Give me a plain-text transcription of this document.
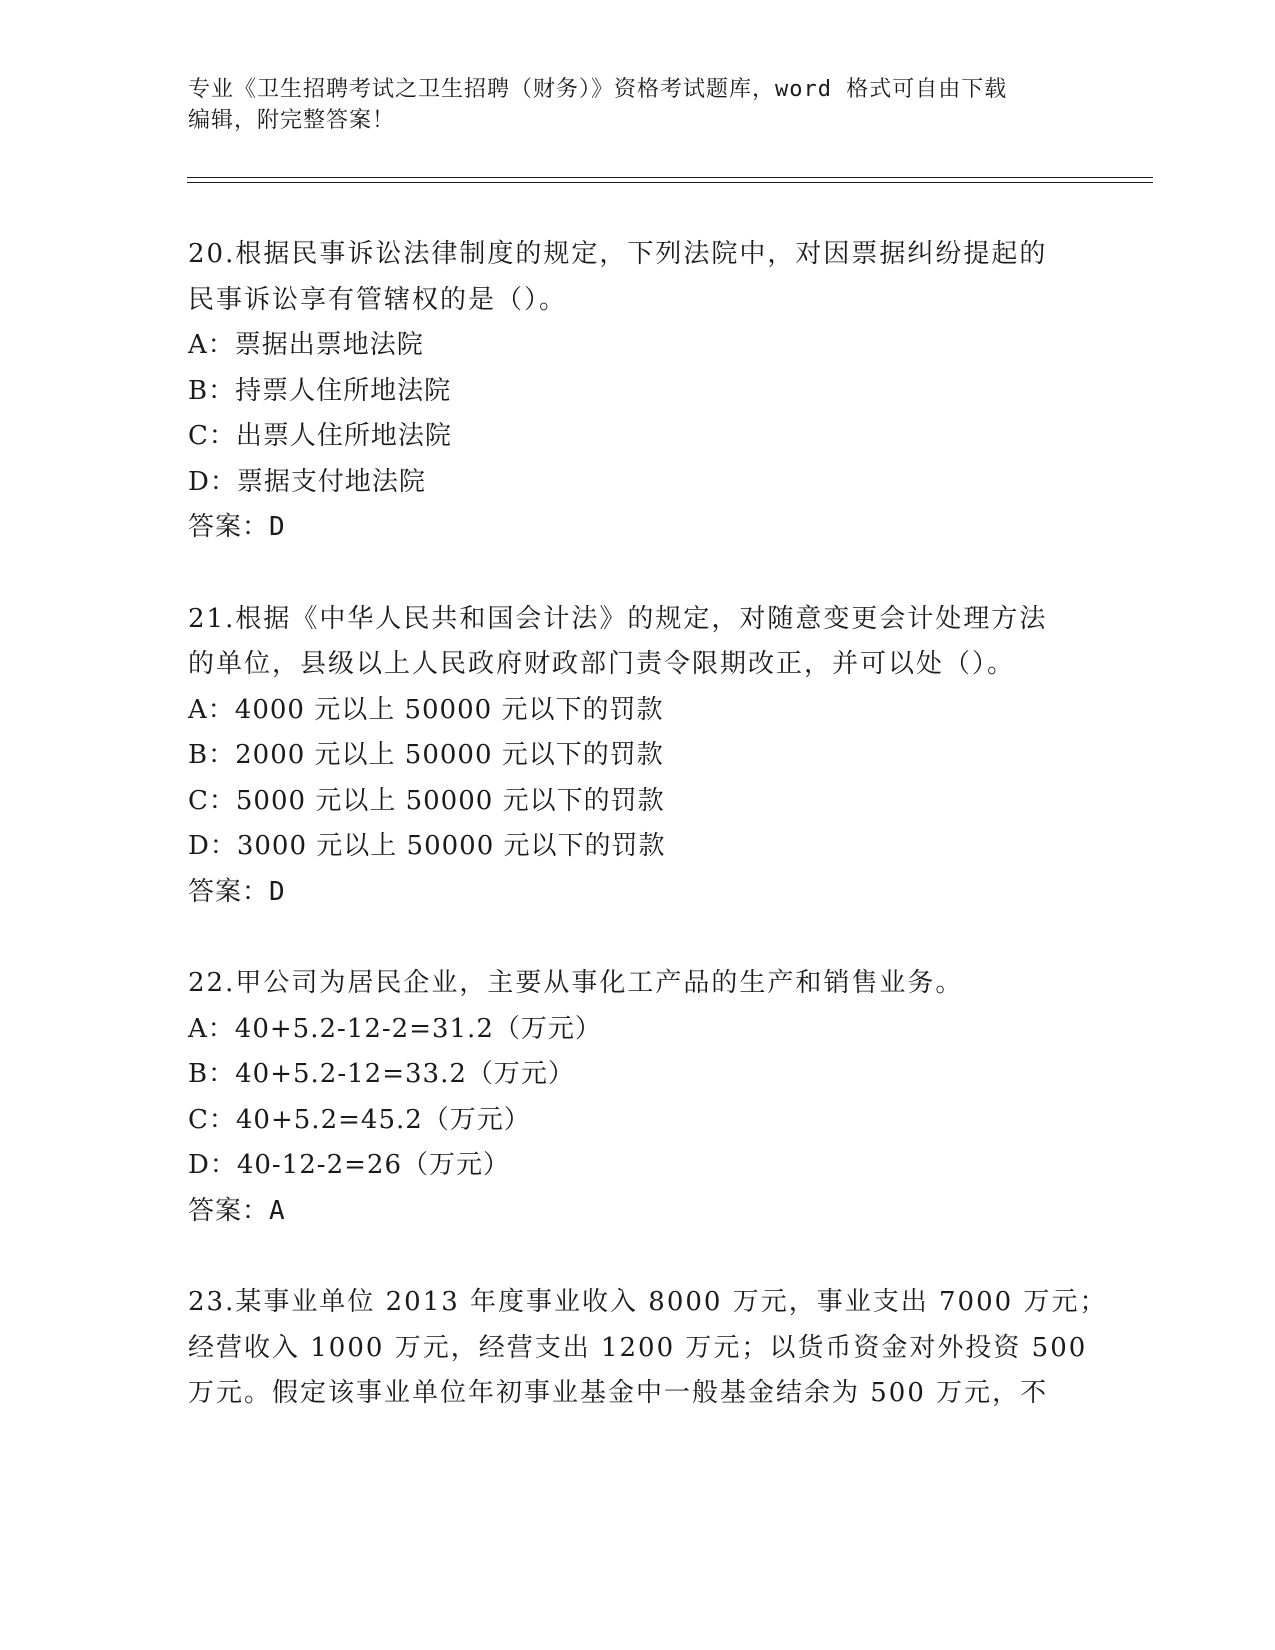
专业《卫生招聘考试之卫生招聘（财务）》资格考试题库，word 格式可自由下载
编辑，附完整答案！
20.根据民事诉讼法律制度的规定，下列法院中，对因票据纠纷提起的
民事诉讼享有管辖权的是（）。
A：票据出票地法院
B：持票人住所地法院
C：出票人住所地法院
D：票据支付地法院
答案：D
21.根据《中华人民共和国会计法》的规定，对随意变更会计处理方法
的单位，县级以上人民政府财政部门责令限期改正，并可以处（）。
A：4000 元以上 50000 元以下的罚款
B：2000 元以上 50000 元以下的罚款
C：5000 元以上 50000 元以下的罚款
D：3000 元以上 50000 元以下的罚款
答案：D
22.甲公司为居民企业，主要从事化工产品的生产和销售业务。
A：40+5.2-12-2=31.2（万元）
B：40+5.2-12=33.2（万元）
C：40+5.2=45.2（万元）
D：40-12-2=26（万元）
答案：A
23.某事业单位 2013 年度事业收入 8000 万元，事业支出 7000 万元；
经营收入 1000 万元，经营支出 1200 万元；以货币资金对外投资 500
万元。假定该事业单位年初事业基金中一般基金结余为 500 万元，不
